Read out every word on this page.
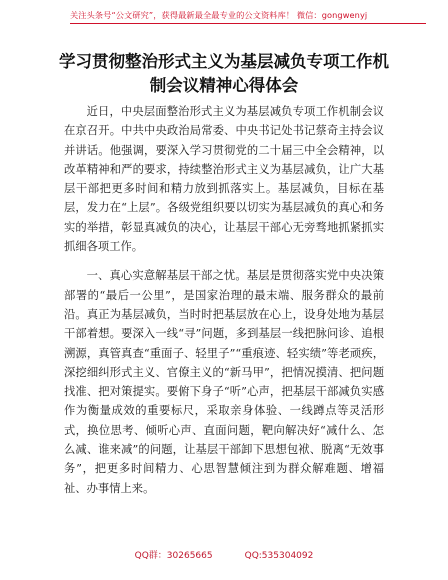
关注头条号“公文研究”，获得最新最全最专业的公文资料库！ 微信：gongwenyj
学习贯彻整治形式主义为基层减负专项工作机
制会议精神心得体会

近日，中央层面整治形式主义为基层减负专项工作机制会议在京召开。中共中央政治局常委、中央书记处书记蔡奇主持会议并讲话。他强调，要深入学习贯彻党的二十届三中全会精神，以改革精神和严的要求，持续整治形式主义为基层减负，让广大基层干部把更多时间和精力放到抓落实上。基层减负，目标在基层，发力在“上层”。各级党组织要以切实为基层减负的真心和务实的举措，彰显真减负的决心，让基层干部心无旁骛地抓紧抓实抓细各项工作。

一、真心实意解基层干部之忧。基层是贯彻落实党中央决策部署的“最后一公里”，是国家治理的最末端、服务群众的最前沿。真正为基层减负，当时时把基层放在心上，设身处地为基层干部着想。要深入一线“寻”问题，多到基层一线把脉问诊、追根溯源，真管真查“重面子、轻里子”“重痕迹、轻实绩”等老顽疾，深挖细纠形式主义、官僚主义的“新马甲”，把情况摸清、把问题找准、把对策提实。要俯下身子“听”心声，把基层干部减负实感作为衡量成效的重要标尺，采取亲身体验、一线蹲点等灵活形式，换位思考、倾听心声、直面问题，靶向解决好“减什么、怎么减、谁来减”的问题，让基层干部卸下思想包袱、脱离“无效事务”，把更多时间精力、心思智慧倾注到为群众解难题、增福祉、办事情上来。

QQ群：30265665	QQ:535304092
